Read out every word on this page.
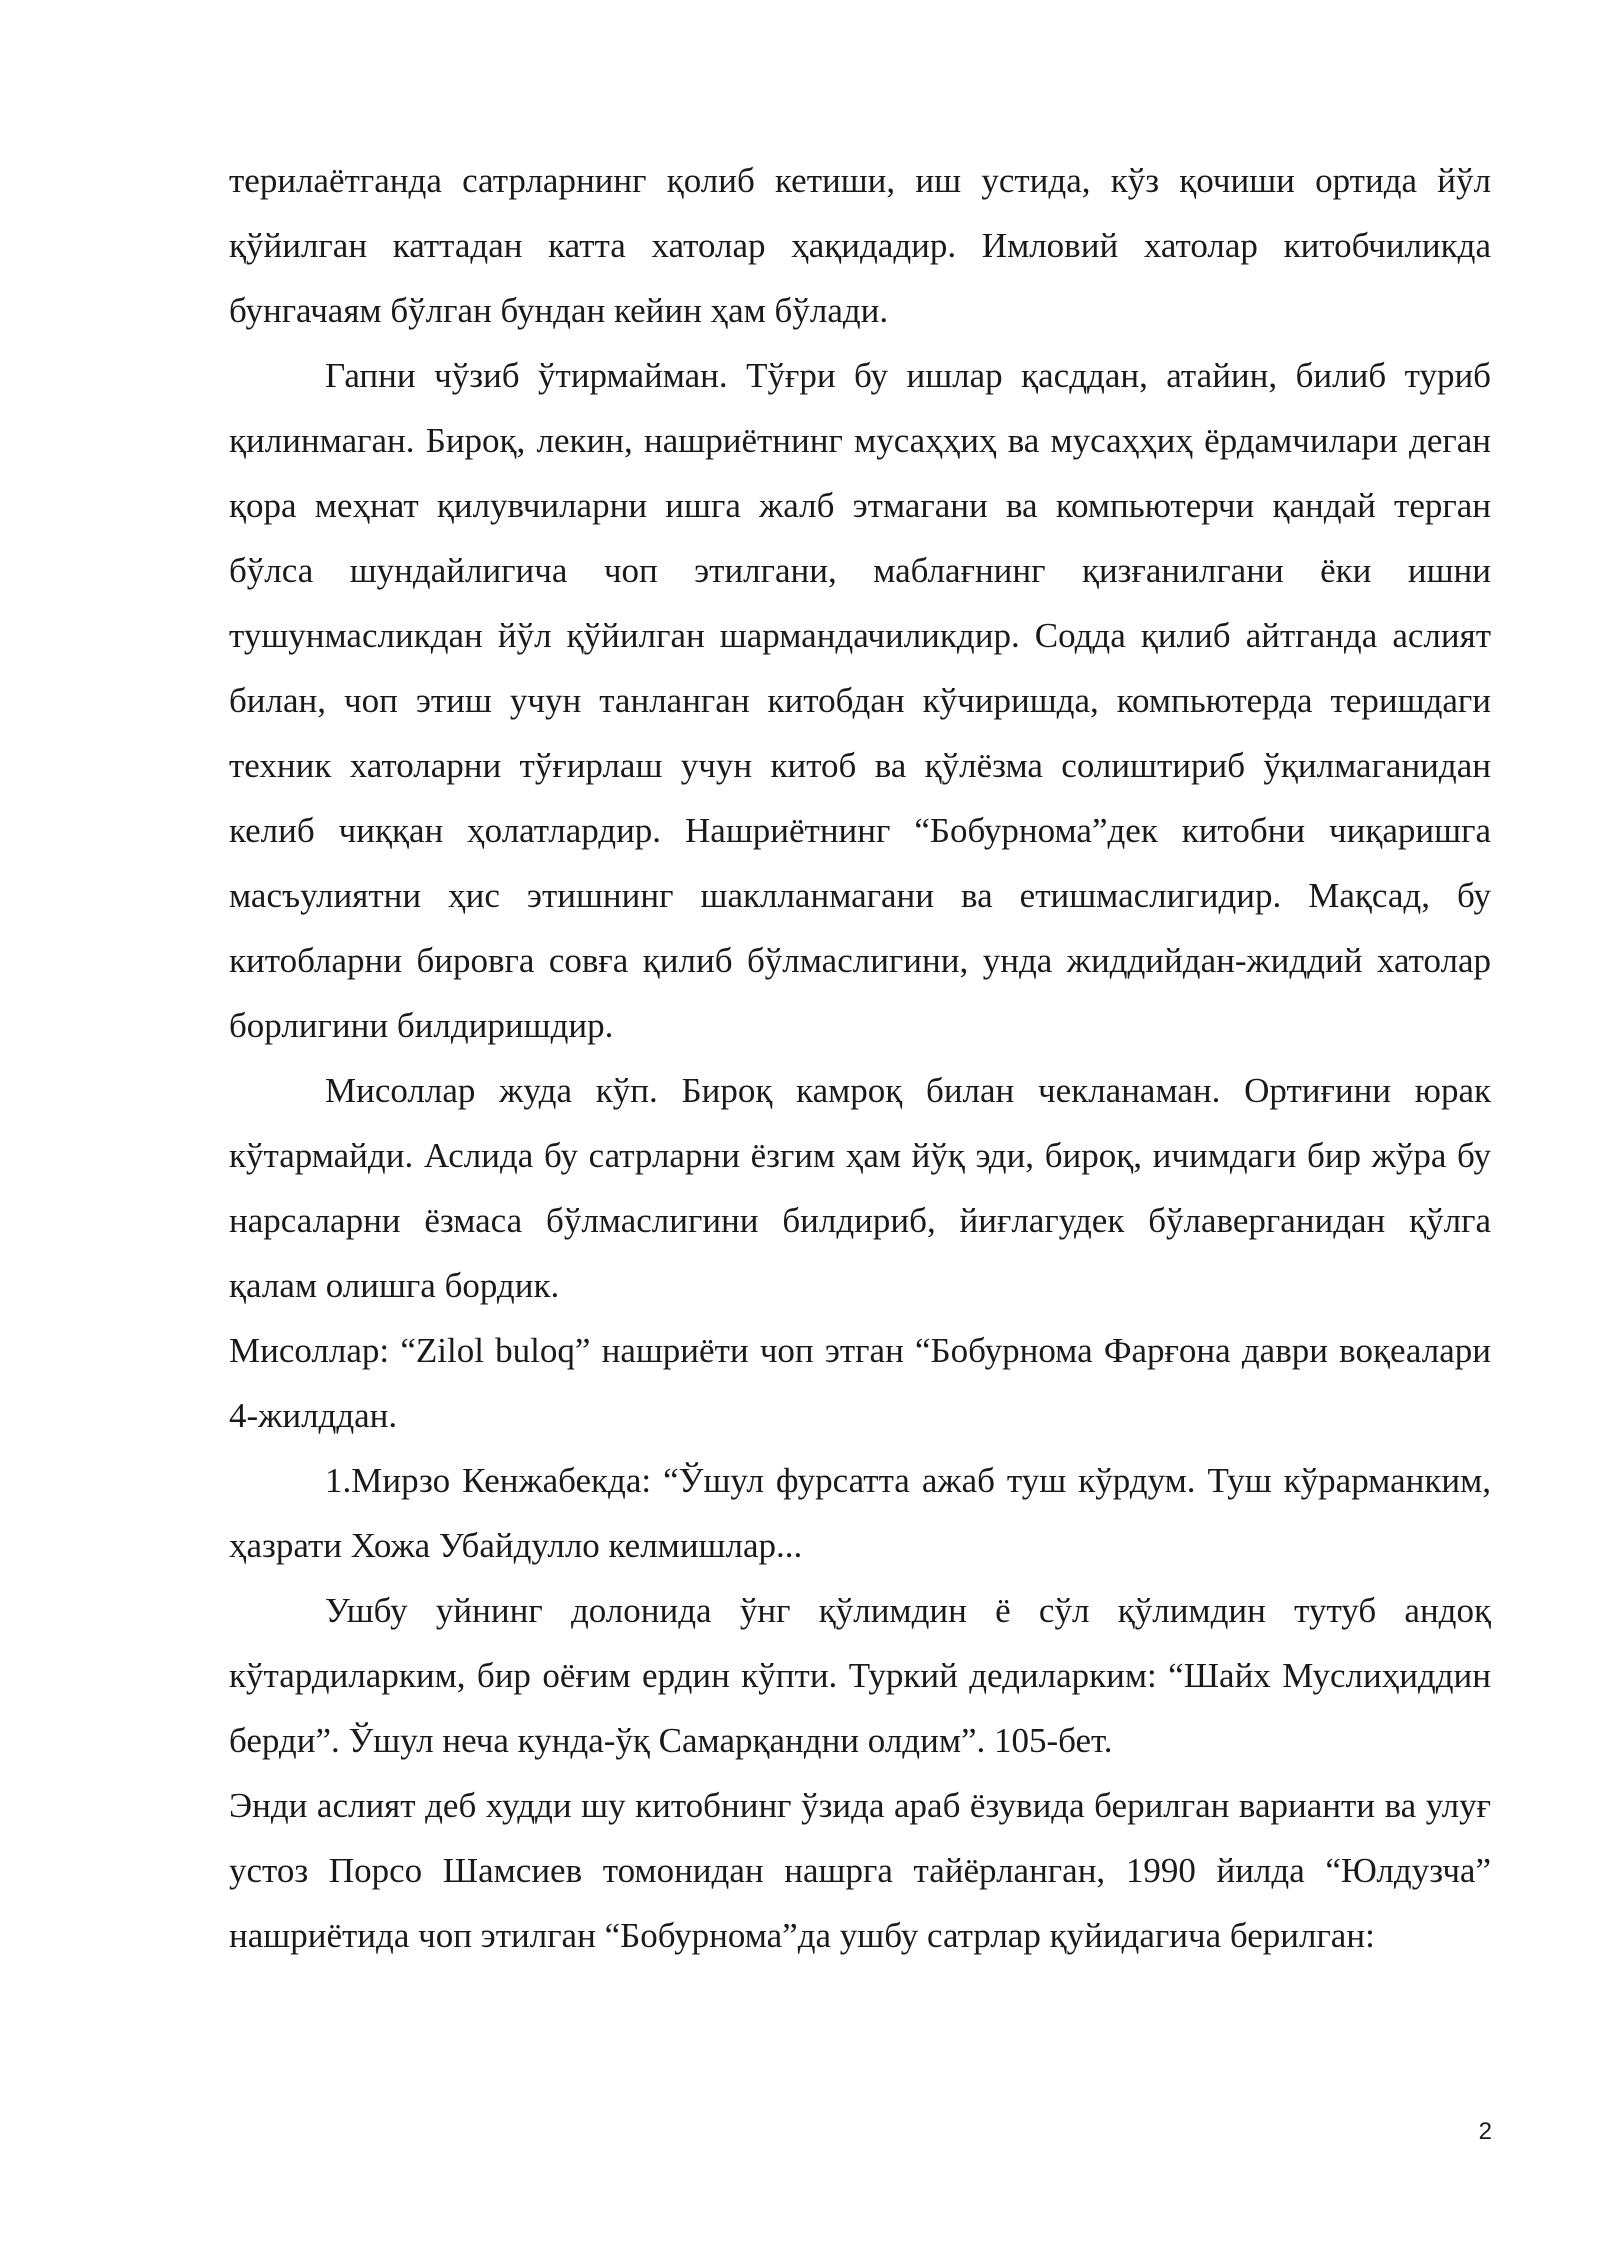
терилаётганда сатрларнинг қолиб кетиши, иш устида, кўз қочиши ортида йўл қўйилган каттадан катта хатолар ҳақидадир. Имловий хатолар китобчиликда бунгачаям бўлган бундан кейин ҳам бўлади.

Гапни чўзиб ўтирмайман. Тўғри бу ишлар қасддан, атайин, билиб туриб қилинмаган. Бироқ, лекин, нашриётнинг мусаҳҳиҳ ва мусаҳҳиҳ ёрдамчилари деган қора меҳнат қилувчиларни ишга жалб этмагани ва компьютерчи қандай терган бўлса шундайлигича чоп этилгани, маблағнинг қизғанилгани ёки ишни тушунмасликдан йўл қўйилган шармандачиликдир. Содда қилиб айтганда аслият билан, чоп этиш учун танланган китобдан кўчиришда, компьютерда теришдаги техник хатоларни тўғирлаш учун китоб ва қўлёзма солиштириб ўқилмаганидан келиб чиққан ҳолатлардир. Нашриётнинг “Бобурнома”дек китобни чиқаришга масъулиятни ҳис этишнинг шаклланмагани ва етишмаслигидир. Мақсад, бу китобларни бировга совға қилиб бўлмаслигини, унда жиддийдан-жиддий хатолар борлигини билдиришдир.

Мисоллар жуда кўп. Бироқ камроқ билан чекланаман. Ортиғини юрак кўтармайди. Аслида бу сатрларни ёзгим ҳам йўқ эди, бироқ, ичимдаги бир жўра бу нарсаларни ёзмаса бўлмаслигини билдириб, йиғлагудек бўлаверганидан қўлга қалам олишга бордик.

Мисоллар: “Zilol buloq” нашриёти чоп этган “Бобурнома Фарғона даври воқеалари 4-жилддан.

1.Мирзо Кенжабекда: “Ўшул фурсатта ажаб туш кўрдум. Туш кўрарманким, ҳазрати Хожа Убайдулло келмишлар...

Ушбу уйнинг долонида ўнг қўлимдин ё сўл қўлимдин тутуб андоқ кўтардиларким, бир оёғим ердин кўпти. Туркий дедиларким: “Шайх Муслиҳиддин берди”. Ўшул неча кунда-ўқ Самарқандни олдим”. 105-бет.

Энди аслият деб худди шу китобнинг ўзида араб ёзувида берилган варианти ва улуғ устоз Порсо Шамсиев томонидан нашрга тайёрланган, 1990 йилда “Юлдузча” нашриётида чоп этилган “Бобурнома”да ушбу сатрлар қуйидагича берилган:

2
